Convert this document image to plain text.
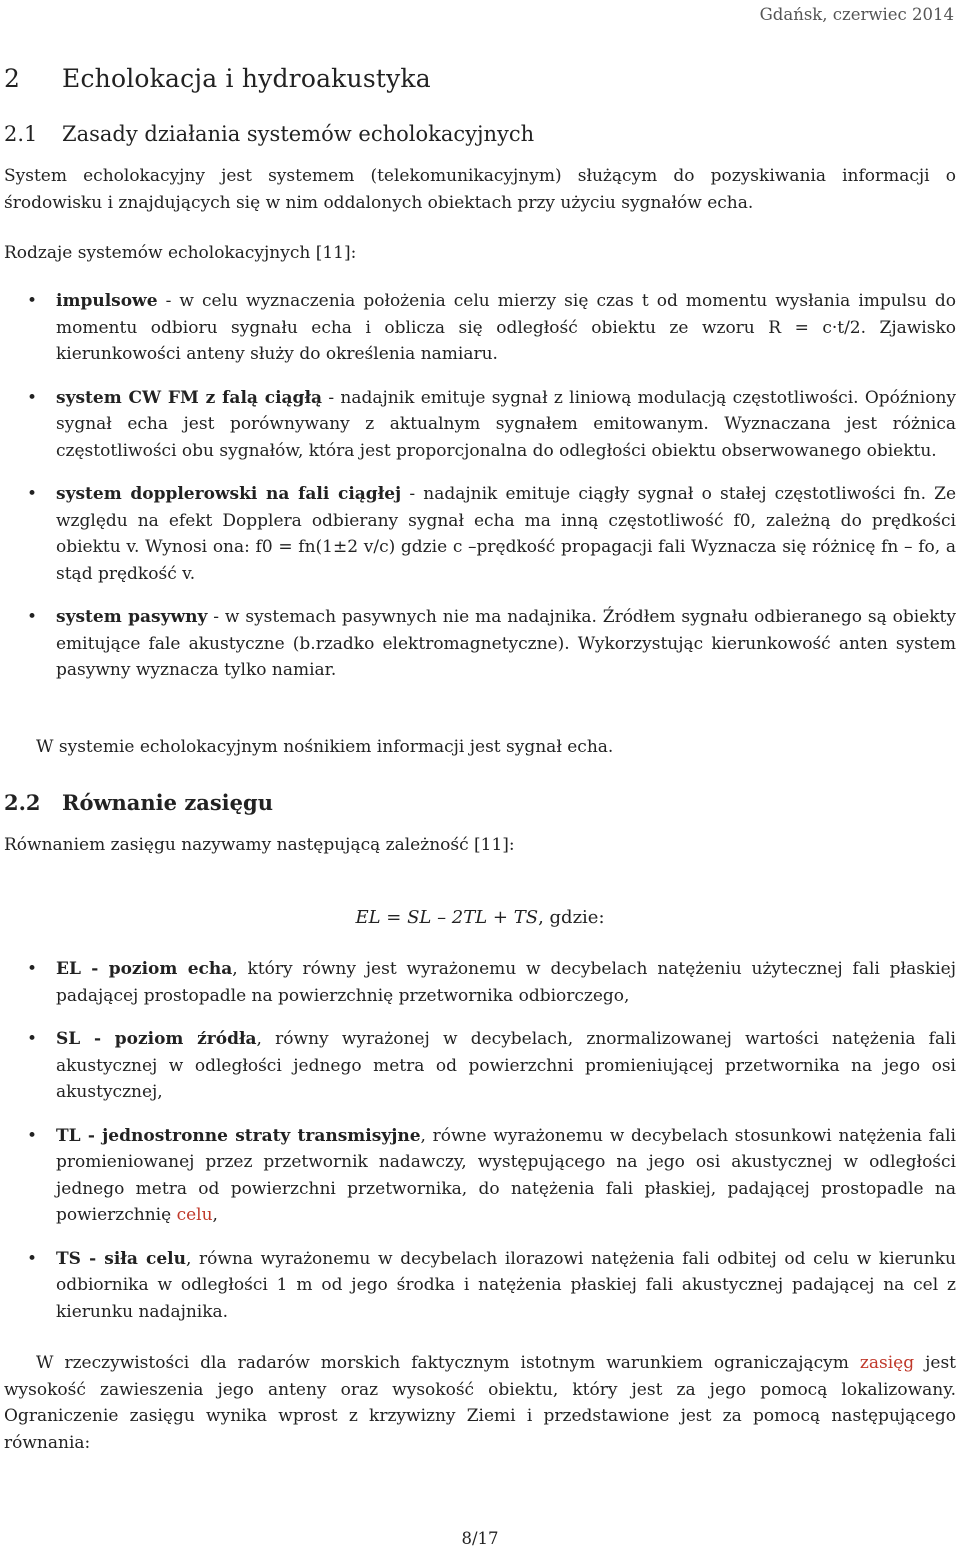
Gdańsk, czerwiec 2014
2 Echolokacja i hydroakustyka
2.1 Zasady działania systemów echolokacyjnych

System echolokacyjny jest systemem (telekomunikacyjnym) służącym do pozyskiwania informacji o środowisku i znajdujących się w nim oddalonych obiektach przy użyciu sygnałów echa.

Rodzaje systemów echolokacyjnych [11]:

• impulsowe - w celu wyznaczenia położenia celu mierzy się czas t od momentu wysłania impulsu do momentu odbioru sygnału echa i oblicza się odległość obiektu ze wzoru R = c·t/2. Zjawisko kierunkowości anteny służy do określenia namiaru.
• system CW FM z falą ciągłą - nadajnik emituje sygnał z liniową modulacją częstotliwości. Opóźniony sygnał echa jest porównywany z aktualnym sygnałem emitowanym. Wyznaczana jest różnica częstotliwości obu sygnałów, która jest proporcjonalna do odległości obiektu obserwowanego obiektu.
• system dopplerowski na fali ciągłej - nadajnik emituje ciągły sygnał o stałej częstotliwości fn. Ze względu na efekt Dopplera odbierany sygnał echa ma inną częstotliwość f0, zależną do prędkości obiektu v. Wynosi ona: f0 = fn(1±2 v/c) gdzie c –prędkość propagacji fali Wyznacza się różnicę fn – fo, a stąd prędkość v.
• system pasywny - w systemach pasywnych nie ma nadajnika. Źródłem sygnału odbieranego są obiekty emitujące fale akustyczne (b.rzadko elektromagnetyczne). Wykorzystując kierunkowość anten system pasywny wyznacza tylko namiar.

W systemie echolokacyjnym nośnikiem informacji jest sygnał echa.

2.2 Równanie zasięgu

Równaniem zasięgu nazywamy następującą zależność [11]:

EL = SL – 2TL + TS, gdzie:
• EL - poziom echa, który równy jest wyrażonemu w decybelach natężeniu użytecznej fali płaskiej padającej prostopadle na powierzchnię przetwornika odbiorczego,
• SL - poziom źródła, równy wyrażonej w decybelach, znormalizowanej wartości natężenia fali akustycznej w odległości jednego metra od powierzchni promieniującej przetwornika na jego osi akustycznej,
• TL - jednostronne straty transmisyjne, równe wyrażonemu w decybelach stosunkowi natężenia fali promieniowanej przez przetwornik nadawczy, występującego na jego osi akustycznej w odległości jednego metra od powierzchni przetwornika, do natężenia fali płaskiej, padającej prostopadle na powierzchnię celu,
• TS - siła celu, równa wyrażonemu w decybelach ilorazowi natężenia fali odbitej od celu w kierunku odbiornika w odległości 1 m od jego środka i natężenia płaskiej fali akustycznej padającej na cel z kierunku nadajnika.

W rzeczywistości dla radarów morskich faktycznym istotnym warunkiem ograniczającym zasięg jest wysokość zawieszenia jego anteny oraz wysokość obiektu, który jest za jego pomocą lokalizowany. Ograniczenie zasięgu wynika wprost z krzywizny Ziemi i przedstawione jest za pomocą następującego równania:

8/17
